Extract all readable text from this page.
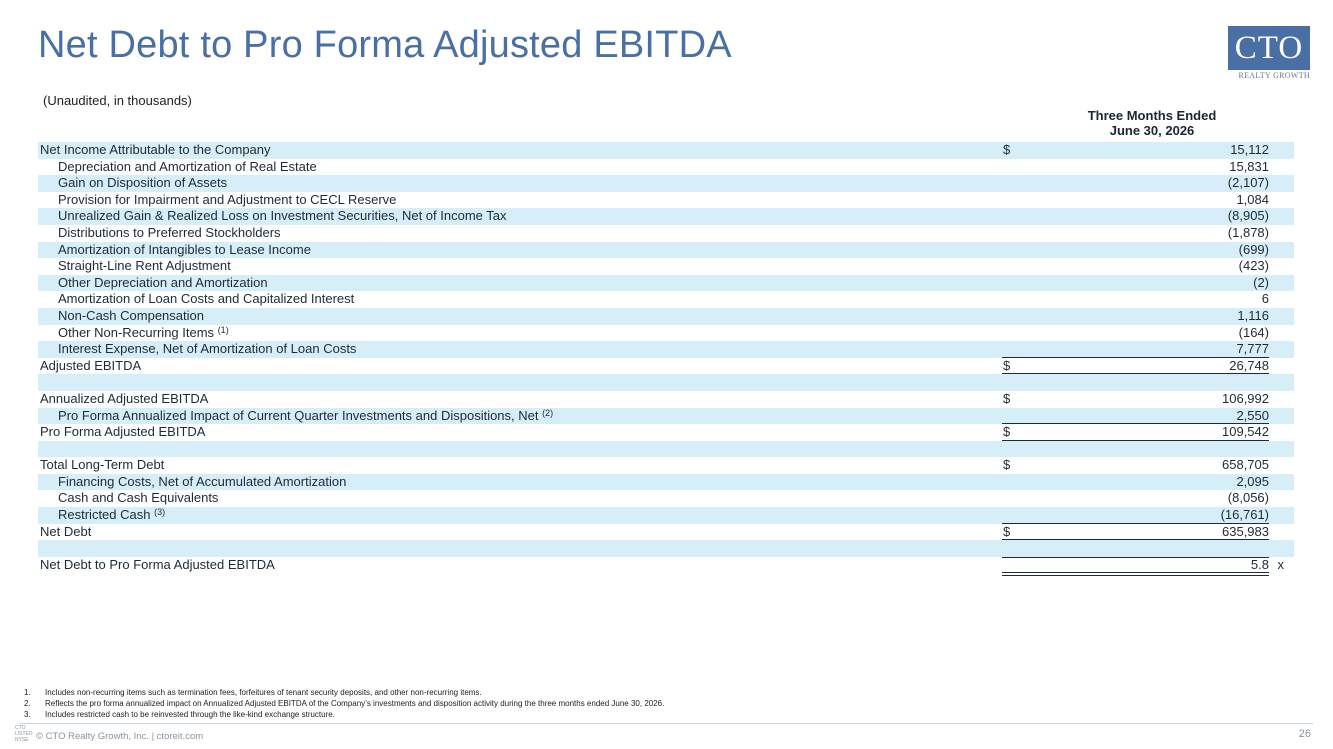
Net Debt to Pro Forma Adjusted EBITDA	CTO
REALTY GROWTH
(Unaudited, in thousands)
Three Months Ended
June 30, 2026
Net Income Attributable to the Company	$	15,112
Depreciation and Amortization of Real Estate	15,831
Gain on Disposition of Assets	(2,107)
Provision for Impairment and Adjustment to CECL Reserve	1,084
Unrealized Gain & Realized Loss on Investment Securities, Net of Income Tax	(8,905)
Distributions to Preferred Stockholders	(1,878)
Amortization of Intangibles to Lease Income	(699)
Straight-Line Rent Adjustment	(423)
Other Depreciation and Amortization	(2)
Amortization of Loan Costs and Capitalized Interest	6
Non-Cash Compensation	1,116
Other Non-Recurring Items $^{(1)}$	(164)
Interest Expense, Net of Amortization of Loan Costs	7,777
Adjusted EBITDA	$	26,748
Annualized Adjusted EBITDA	$	106,992
Pro Forma Annualized Impact of Current Quarter Investments and Dispositions, Net $^{(2)}$	2,550
Pro Forma Adjusted EBITDA	$	109,542
Total Long-Term Debt	$	658,705
Financing Costs, Net of Accumulated Amortization	2,095
Cash and Cash Equivalents	(8,056)
Restricted Cash $^{(3)}$	(16,761)
Net Debt	$	635,983
Net Debt to Pro Forma Adjusted EBITDA	5.8 x
1. Includes non-recurring items such as termination fees, forfeitures of tenant security deposits, and other non-recurring items.
2. Reflects the pro forma annualized impact on Annualized Adjusted EBITDA of the Company’s investments and disposition activity during the three months ended June 30, 2026.
3. Includes restricted cash to be reinvested through the like-kind exchange structure.
CTO
LISTED
NYSE © CTO Realty Growth, Inc. | ctoreit.com	26
